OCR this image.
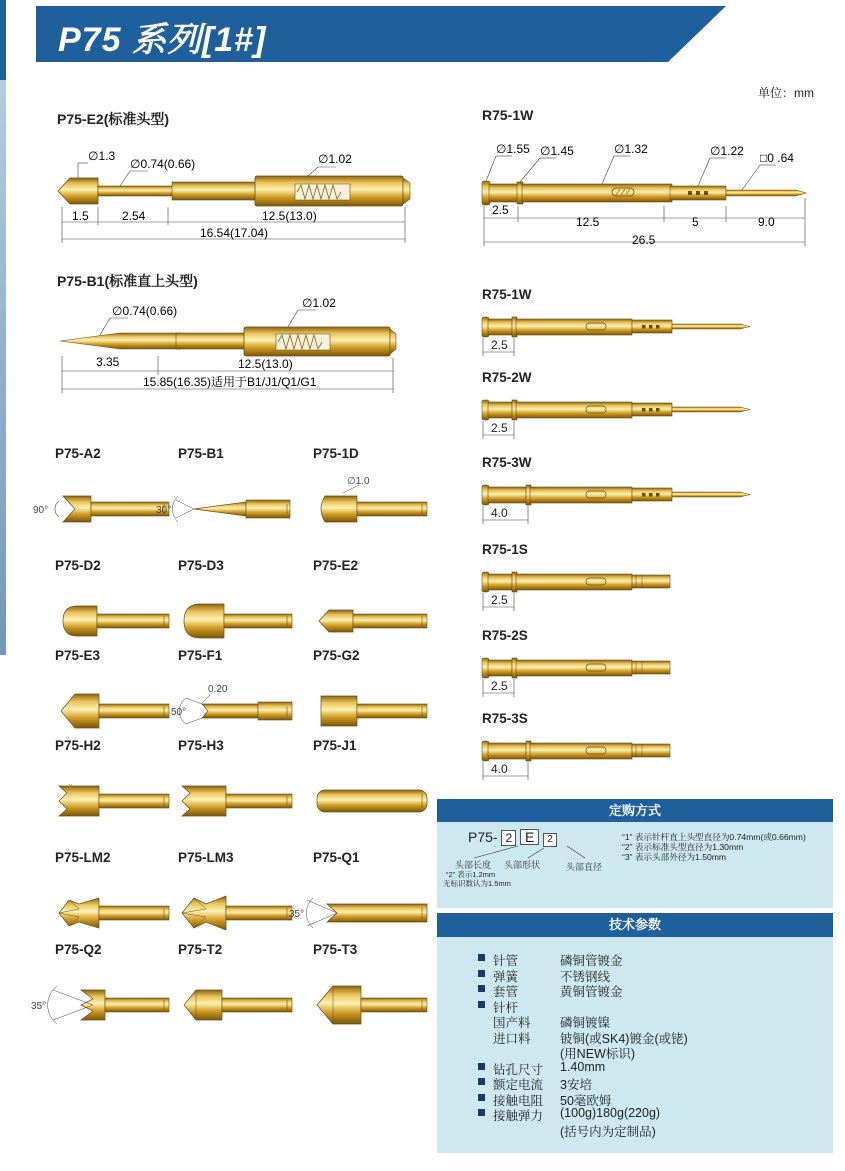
P75 系列[1#]
单位：mm
P75-E2(标准头型)
∅1.3
∅0.74(0.66)	∅1.02
1.5	2.54	12.5(13.0)
16.54(17.04)
P75-B1(标准直上头型)
∅0.74(0.66)
∅1.02
3.35	12.5(13.0)
15.85(16.35)适用于B1/J1/Q1/G1
R75-1W
∅1.55 ∅1.45	∅1.32	∅1.22 □0 .64
2.5
12.5	5	9.0
26.5
P75-A2
90°
P75-B1
30°
P75-1D
∅1.0
P75-D2	P75-D3	P75-E2
P75-E3	P75-F1
50°
0.20
P75-G2
P75-H2	P75-H3	P75-J1
P75-LM2	P75-LM3	P75-Q1
35°
P75-Q2
35°
P75-T2	P75-T3
R75-1W
2.5
R75-2W
2.5
R75-3W
4.0
R75-1S
2.5
R75-2S
2.5
R75-3S
4.0
定购方式
P75- 2 E 2
头部长度 头部形状	头部直径
“2” 表示1.2mm
无标识数认为1.5mm
“1” 表示针杆直上头型直径为0.74mm(或0.66mm)
“2” 表示标准头型直径为1.30mm
“3” 表示头部外径为1.50mm
技术参数
针管	磷铜管镀金
弹簧	不锈钢线
套管	黄铜管镀金
针杆
国产料 磷铜镀镍
进口料 铍铜(或SK4)镀金(或铑)
(用NEW标识)
钻孔尺寸 1.40mm
额定电流 3安培
接触电阻 50毫欧姆
接触弹力 (100g)180g(220g)
(括号内为定制品)
